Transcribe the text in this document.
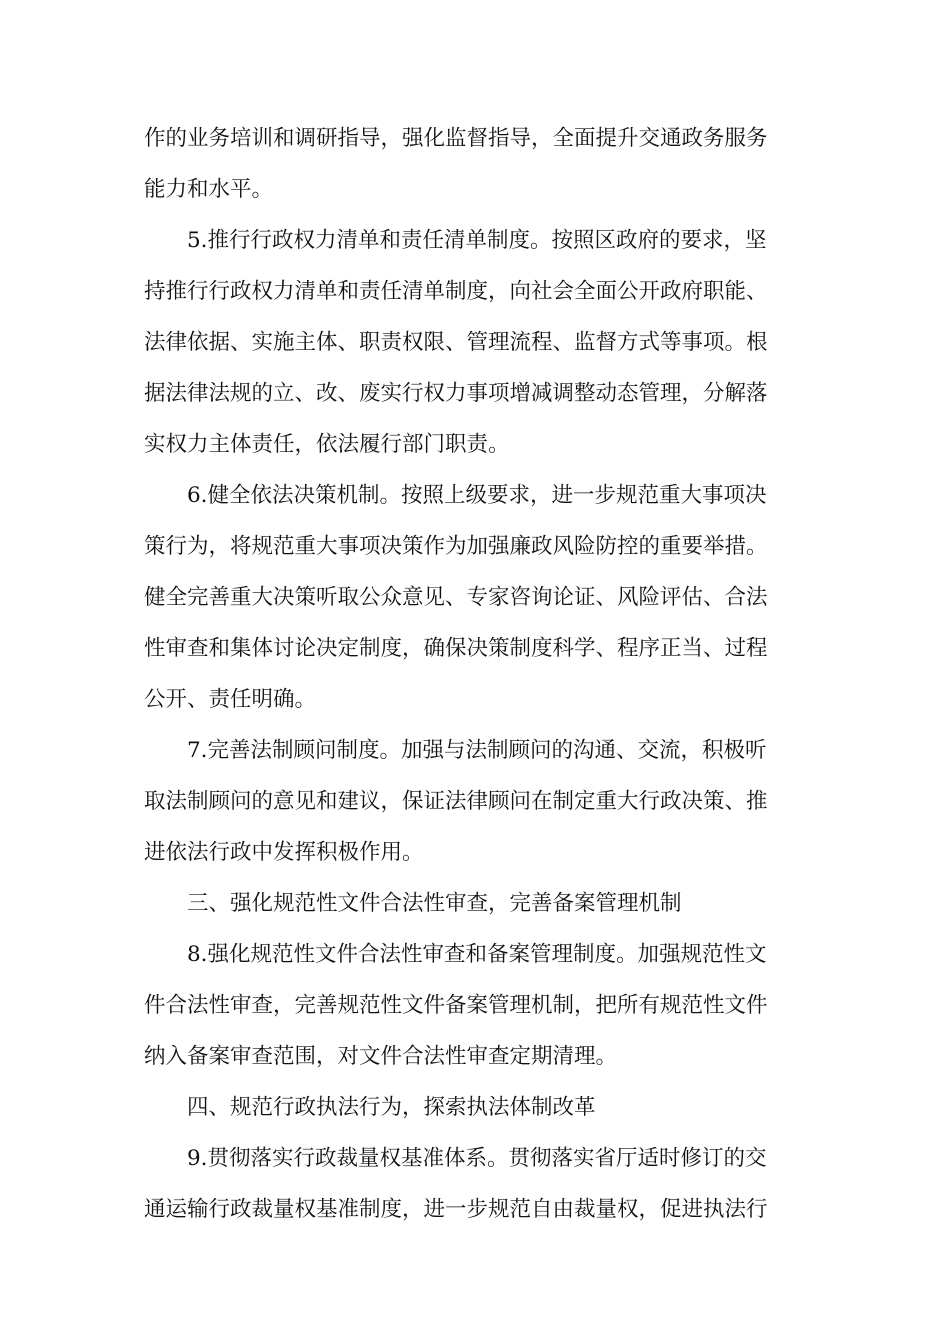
作的业务培训和调研指导，强化监督指导，全面提升交通政务服务
能力和水平。
5.推行行政权力清单和责任清单制度。按照区政府的要求，坚
持推行行政权力清单和责任清单制度，向社会全面公开政府职能、
法律依据、实施主体、职责权限、管理流程、监督方式等事项。根
据法律法规的立、改、废实行权力事项增减调整动态管理，分解落
实权力主体责任，依法履行部门职责。
6.健全依法决策机制。按照上级要求，进一步规范重大事项决
策行为，将规范重大事项决策作为加强廉政风险防控的重要举措。
健全完善重大决策听取公众意见、专家咨询论证、风险评估、合法
性审查和集体讨论决定制度，确保决策制度科学、程序正当、过程
公开、责任明确。
7.完善法制顾问制度。加强与法制顾问的沟通、交流，积极听
取法制顾问的意见和建议，保证法律顾问在制定重大行政决策、推
进依法行政中发挥积极作用。
三、强化规范性文件合法性审查，完善备案管理机制
8.强化规范性文件合法性审查和备案管理制度。加强规范性文
件合法性审查，完善规范性文件备案管理机制，把所有规范性文件
纳入备案审查范围，对文件合法性审查定期清理。
四、规范行政执法行为，探索执法体制改革
9.贯彻落实行政裁量权基准体系。贯彻落实省厅适时修订的交
通运输行政裁量权基准制度，进一步规范自由裁量权，促进执法行
